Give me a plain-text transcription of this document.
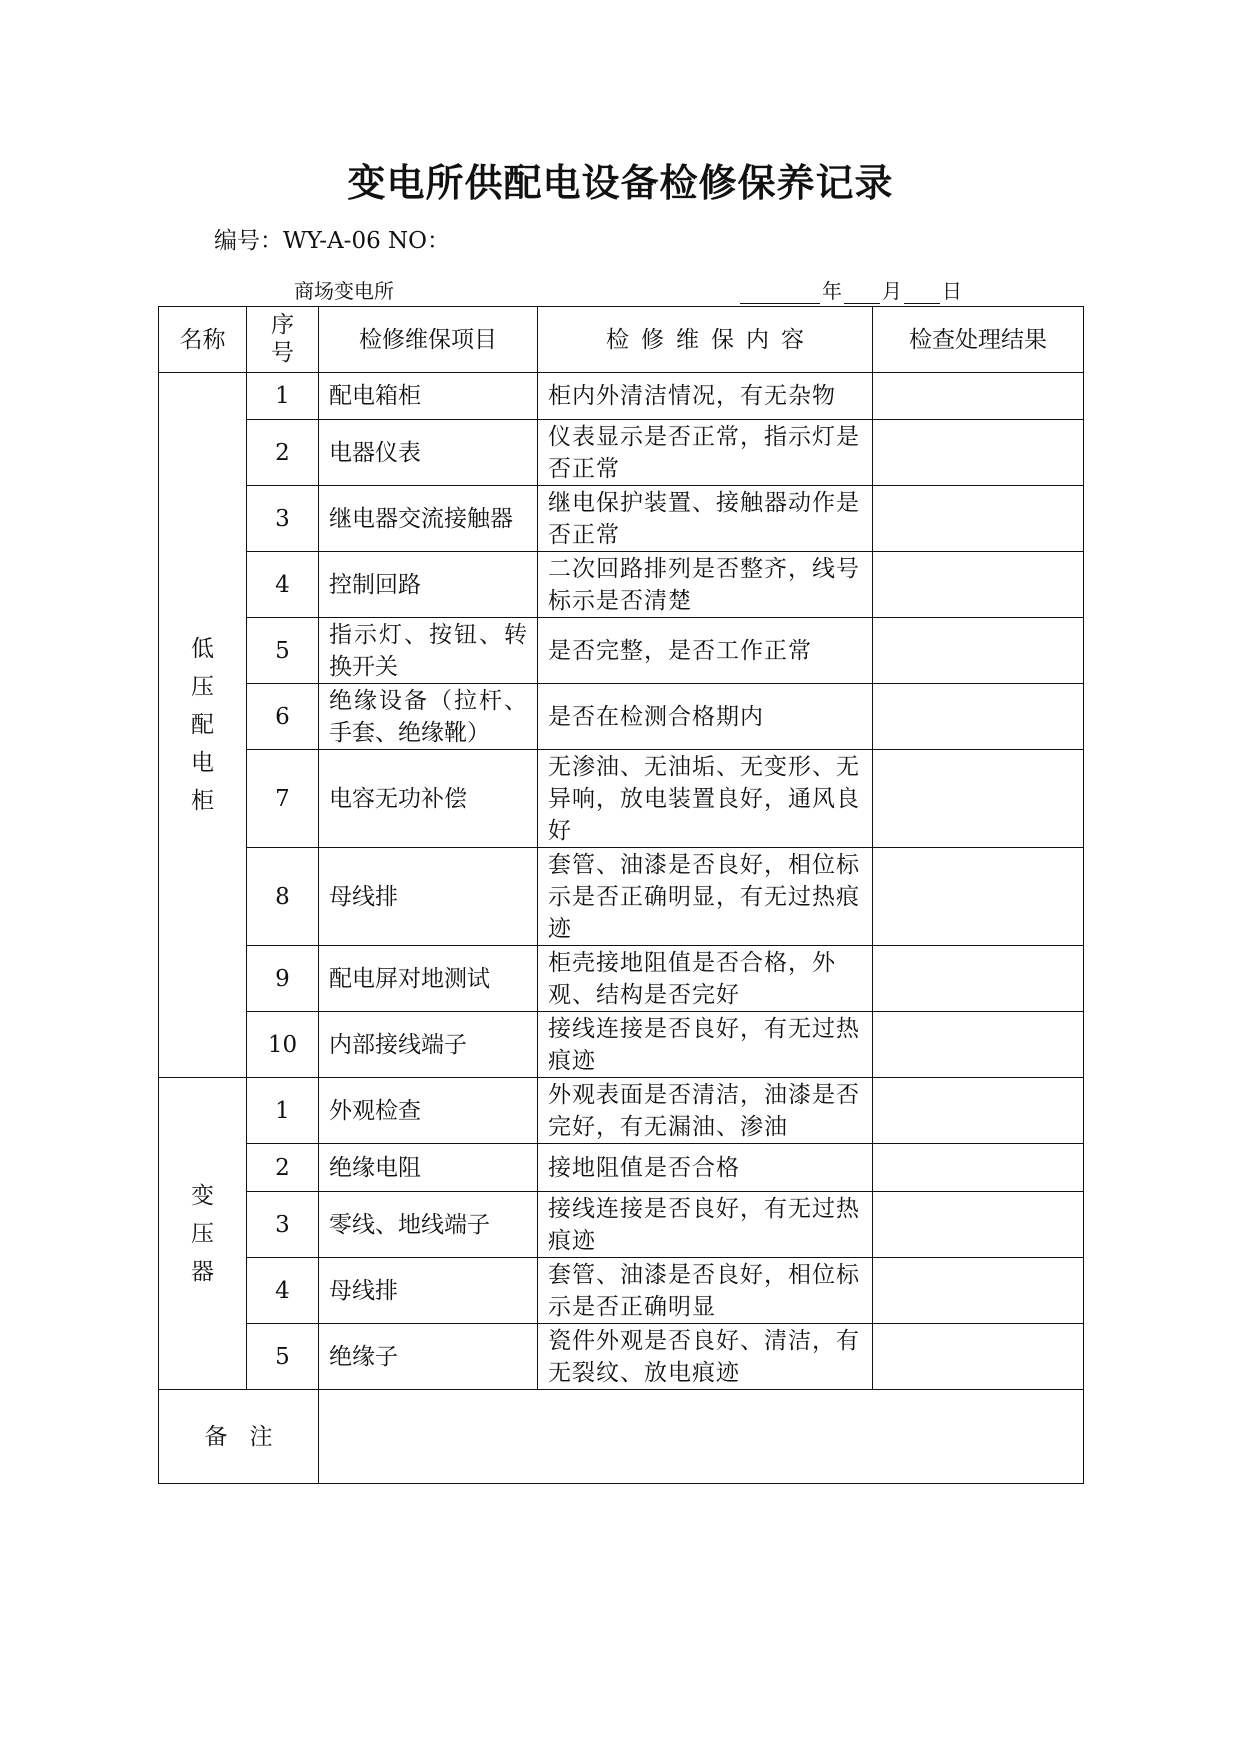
变电所供配电设备检修保养记录
编号：WY-A-06 NO：
商场变电所	年 月 日
名称	序号	检修维保项目	检修维保内容	检查处理结果
低压配电柜	1	配电箱柜	柜内外清洁情况，有无杂物	
	2	电器仪表	仪表显示是否正常，指示灯是否正常	
	3	继电器交流接触器	继电保护装置、接触器动作是否正常	
	4	控制回路	二次回路排列是否整齐，线号标示是否清楚	
	5	指示灯、按钮、转换开关	是否完整，是否工作正常	
	6	绝缘设备（拉杆、手套、绝缘靴）	是否在检测合格期内	
	7	电容无功补偿	无渗油、无油垢、无变形、无异响，放电装置良好，通风良好	
	8	母线排	套管、油漆是否良好，相位标示是否正确明显，有无过热痕迹	
	9	配电屏对地测试	柜壳接地阻值是否合格，外观、结构是否完好	
	10	内部接线端子	接线连接是否良好，有无过热痕迹	
变压器	1	外观检查	外观表面是否清洁，油漆是否完好，有无漏油、渗油	
	2	绝缘电阻	接地阻值是否合格	
	3	零线、地线端子	接线连接是否良好，有无过热痕迹	
	4	母线排	套管、油漆是否良好，相位标示是否正确明显	
	5	绝缘子	瓷件外观是否良好、清洁，有无裂纹、放电痕迹	
备注				
